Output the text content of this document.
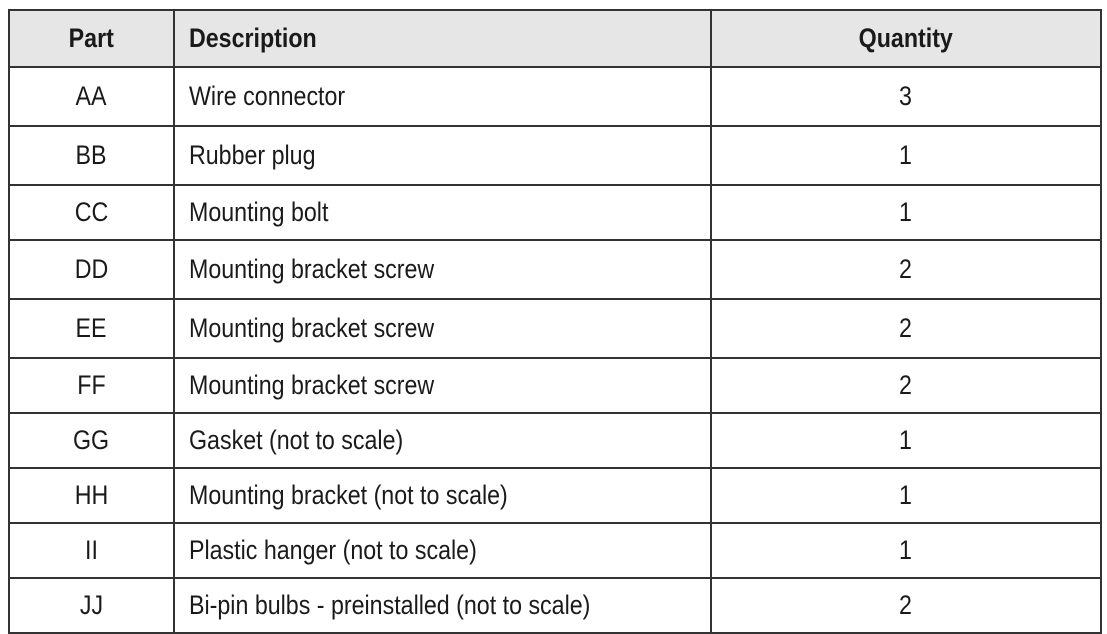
Part	Description	Quantity
AA	Wire connector	3
BB	Rubber plug	1
CC	Mounting bolt	1
DD	Mounting bracket screw	2
EE	Mounting bracket screw	2
FF	Mounting bracket screw	2
GG	Gasket (not to scale)	1
HH	Mounting bracket (not to scale)	1
II	Plastic hanger (not to scale)	1
JJ	Bi-pin bulbs - preinstalled (not to scale)	2
